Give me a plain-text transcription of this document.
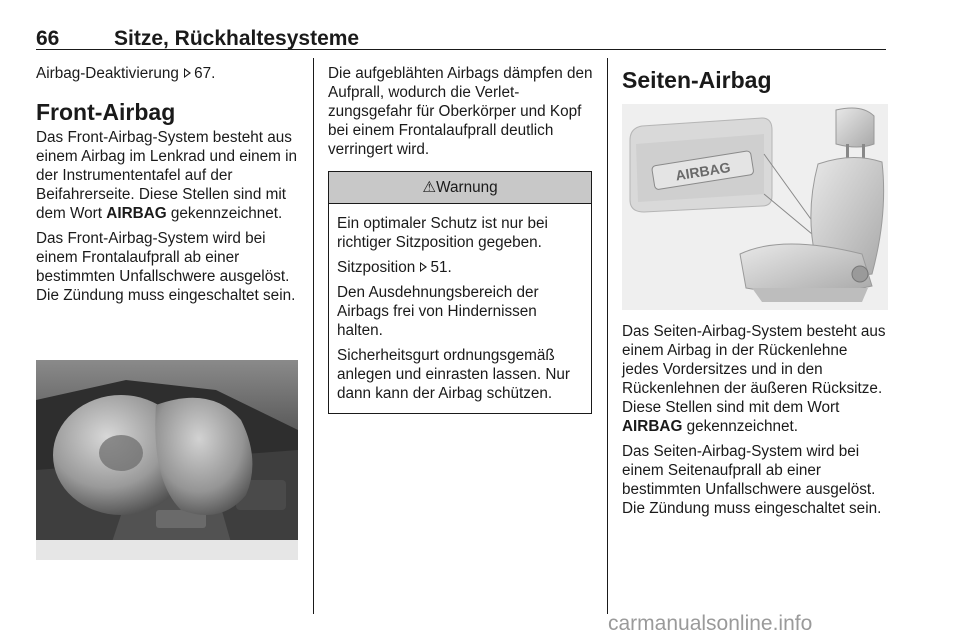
66	Sitze, Rückhaltesysteme

Airbag-Deaktivierung 67.

Front-Airbag

Das Front-Airbag-System besteht aus einem Airbag im Lenkrad und einem in der Instrumententafel auf der Beifahrerseite. Diese Stellen sind mit dem Wort AIRBAG gekennzeichnet.

Das Front-Airbag-System wird bei einem Frontalaufprall ab einer bestimmten Unfallschwere ausgelöst. Die Zündung muss eingeschaltet sein.

Die aufgeblähten Airbags dämpfen den Aufprall, wodurch die Verletzungsgefahr für Oberkörper und Kopf bei einem Frontalaufprall deutlich verringert wird.

⚠Warnung

Ein optimaler Schutz ist nur bei richtiger Sitzposition gegeben.

Sitzposition 51.

Den Ausdehnungsbereich der Airbags frei von Hindernissen halten.

Sicherheitsgurt ordnungsgemäß anlegen und einrasten lassen. Nur dann kann der Airbag schützen.

Seiten-Airbag
AIRBAG

Das Seiten-Airbag-System besteht aus einem Airbag in der Rückenlehne jedes Vordersitzes und in den Rückenlehnen der äußeren Rücksitze. Diese Stellen sind mit dem Wort AIRBAG gekennzeichnet.

Das Seiten-Airbag-System wird bei einem Seitenaufprall ab einer bestimmten Unfallschwere ausgelöst. Die Zündung muss eingeschaltet sein.

carmanualsonline.info
